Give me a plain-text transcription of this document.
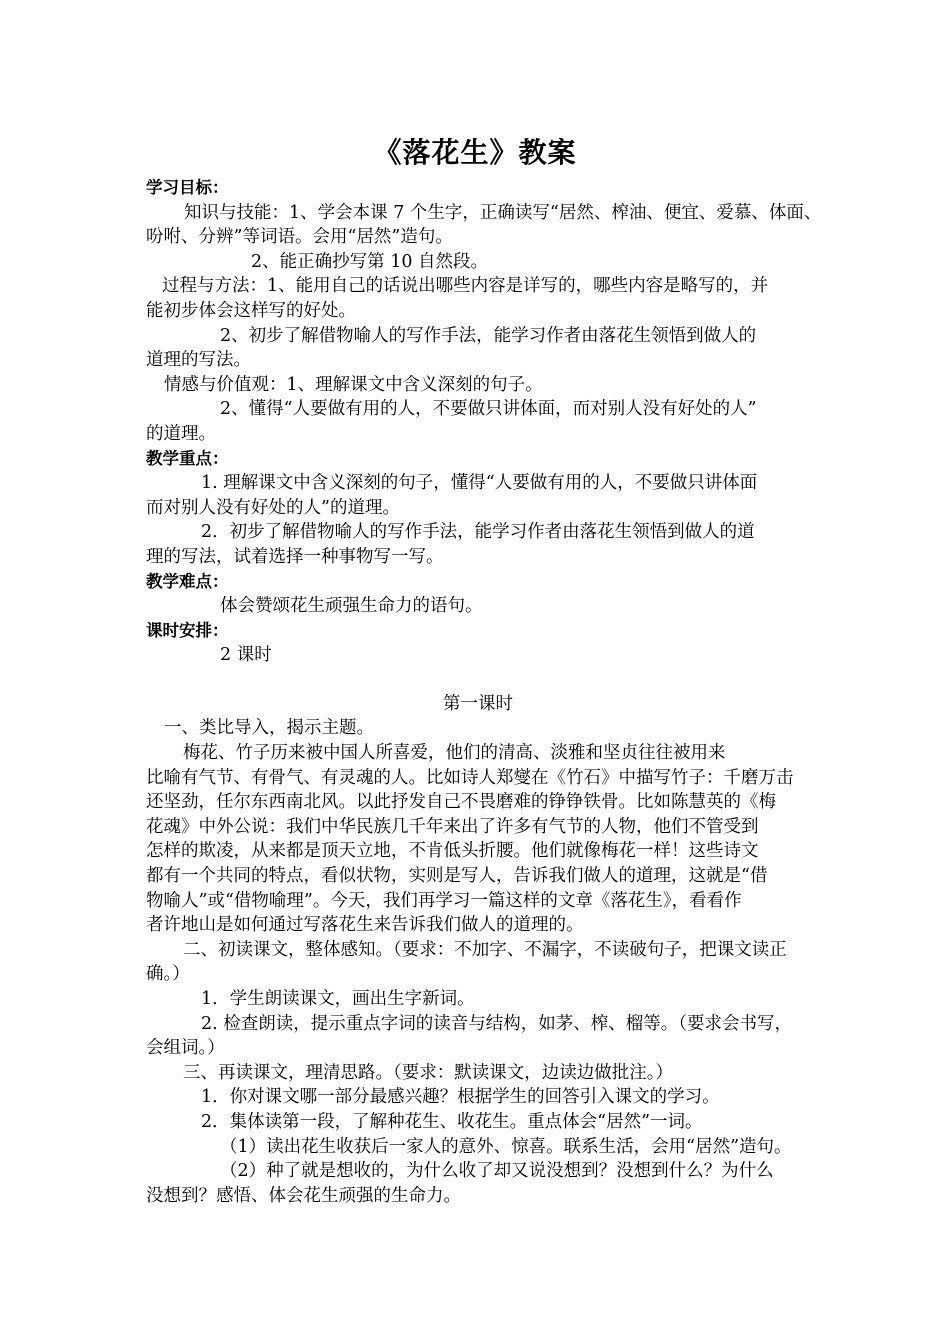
《落花生》教案

学习目标：

知识与技能：1、学会本课 7 个生字，正确读写“居然、榨油、便宜、爱慕、体面、

吩咐、分辨”等词语。会用“居然”造句。

2、能正确抄写第 10 自然段。

过程与方法：1、能用自己的话说出哪些内容是详写的，哪些内容是略写的，并

能初步体会这样写的好处。

2、初步了解借物喻人的写作手法，能学习作者由落花生领悟到做人的

道理的写法。

情感与价值观：1、理解课文中含义深刻的句子。

2、懂得“人要做有用的人，不要做只讲体面，而对别人没有好处的人”

的道理。

教学重点：

1. 理解课文中含义深刻的句子，懂得“人要做有用的人，不要做只讲体面

而对别人没有好处的人”的道理。

2．初步了解借物喻人的写作手法，能学习作者由落花生领悟到做人的道

理的写法，试着选择一种事物写一写。

教学难点：

体会赞颂花生顽强生命力的语句。

课时安排：

2 课时

第一课时

一、类比导入，揭示主题。

梅花、竹子历来被中国人所喜爱，他们的清高、淡雅和坚贞往往被用来

比喻有气节、有骨气、有灵魂的人。比如诗人郑燮在《竹石》中描写竹子：千磨万击

还坚劲，任尔东西南北风。以此抒发自己不畏磨难的铮铮铁骨。比如陈慧英的《梅

花魂》中外公说：我们中华民族几千年来出了许多有气节的人物，他们不管受到

怎样的欺凌，从来都是顶天立地，不肯低头折腰。他们就像梅花一样！这些诗文

都有一个共同的特点，看似状物，实则是写人，告诉我们做人的道理，这就是“借

物喻人”或“借物喻理”。今天，我们再学习一篇这样的文章《落花生》，看看作

者许地山是如何通过写落花生来告诉我们做人的道理的。

二、初读课文，整体感知。（要求：不加字、不漏字，不读破句子，把课文读正

确。）

1．学生朗读课文，画出生字新词。

2. 检查朗读，提示重点字词的读音与结构，如茅、榨、榴等。（要求会书写，

会组词。）

三、再读课文，理清思路。（要求：默读课文，边读边做批注。）

1．你对课文哪一部分最感兴趣？根据学生的回答引入课文的学习。

2．集体读第一段，了解种花生、收花生。重点体会“居然”一词。

（1）读出花生收获后一家人的意外、惊喜。联系生活，会用“居然”造句。

（2）种了就是想收的，为什么收了却又说没想到？没想到什么？为什么

没想到？感悟、体会花生顽强的生命力。
